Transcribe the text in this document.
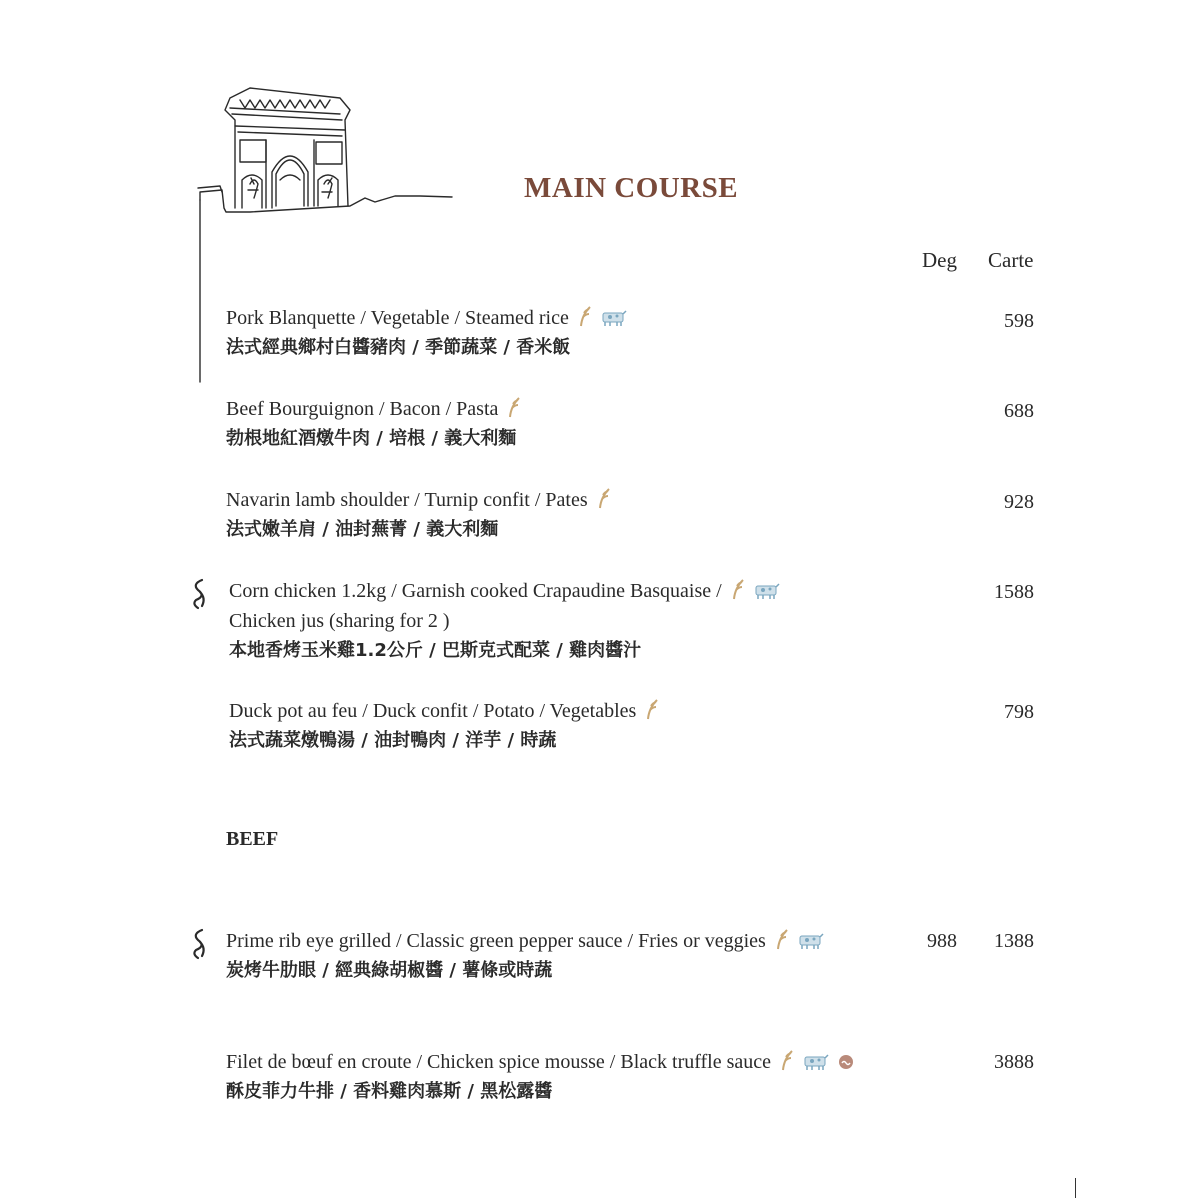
MAIN COURSE
Deg Carte
Pork Blanquette / Vegetable / Steamed rice
法式經典鄉村白醬豬肉 / 季節蔬菜 / 香米飯
598
Beef Bourguignon / Bacon / Pasta
勃根地紅酒燉牛肉 / 培根 / 義大利麵
688
Navarin lamb shoulder / Turnip confit / Pates
法式嫩羊肩 / 油封蕪菁 / 義大利麵
928
Corn chicken 1.2kg / Garnish cooked Crapaudine Basquaise /
Chicken jus (sharing for 2 )
本地香烤玉米雞1.2公斤 / 巴斯克式配菜 / 雞肉醬汁
1588
Duck pot au feu / Duck confit / Potato / Vegetables
法式蔬菜燉鴨湯 / 油封鴨肉 / 洋芋 / 時蔬
798
BEEF
Prime rib eye grilled / Classic green pepper sauce / Fries or veggies
炭烤牛肋眼 / 經典綠胡椒醬 / 薯條或時蔬
988 1388
Filet de bœuf en croute / Chicken spice mousse / Black truffle sauce
酥皮菲力牛排 / 香料雞肉慕斯 / 黑松露醬
3888
